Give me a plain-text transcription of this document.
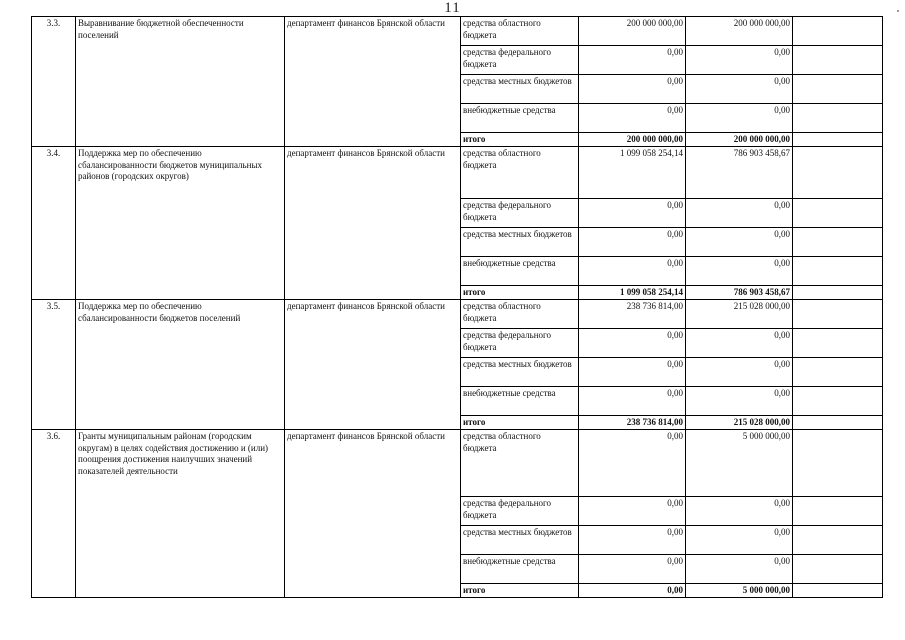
11
3.3.	Выравнивание бюджетной обеспеченности поселений	департамент финансов Брянской области	средства областного бюджета	200 000 000,00	200 000 000,00	
			средства федерального бюджета	0,00	0,00	
			средства местных бюджетов	0,00	0,00	
			внебюджетные средства	0,00	0,00	
			итого	200 000 000,00	200 000 000,00	
3.4.	Поддержка мер по обеспечению сбалансированности бюджетов муниципальных районов (городских округов)	департамент финансов Брянской области	средства областного бюджета	1 099 058 254,14	786 903 458,67	
			средства федерального бюджета	0,00	0,00	
			средства местных бюджетов	0,00	0,00	
			внебюджетные средства	0,00	0,00	
			итого	1 099 058 254,14	786 903 458,67	
3.5.	Поддержка мер по обеспечению сбалансированности бюджетов поселений	департамент финансов Брянской области	средства областного бюджета	238 736 814,00	215 028 000,00	
			средства федерального бюджета	0,00	0,00	
			средства местных бюджетов	0,00	0,00	
			внебюджетные средства	0,00	0,00	
			итого	238 736 814,00	215 028 000,00	
3.6.	Гранты муниципальным районам (городским округам) в целях содействия достижению и (или) поощрения достижения наилучших значений показателей деятельности	департамент финансов Брянской области	средства областного бюджета	0,00	5 000 000,00	
			средства федерального бюджета	0,00	0,00	
			средства местных бюджетов	0,00	0,00	
			внебюджетные средства	0,00	0,00	
			итого	0,00	5 000 000,00	
